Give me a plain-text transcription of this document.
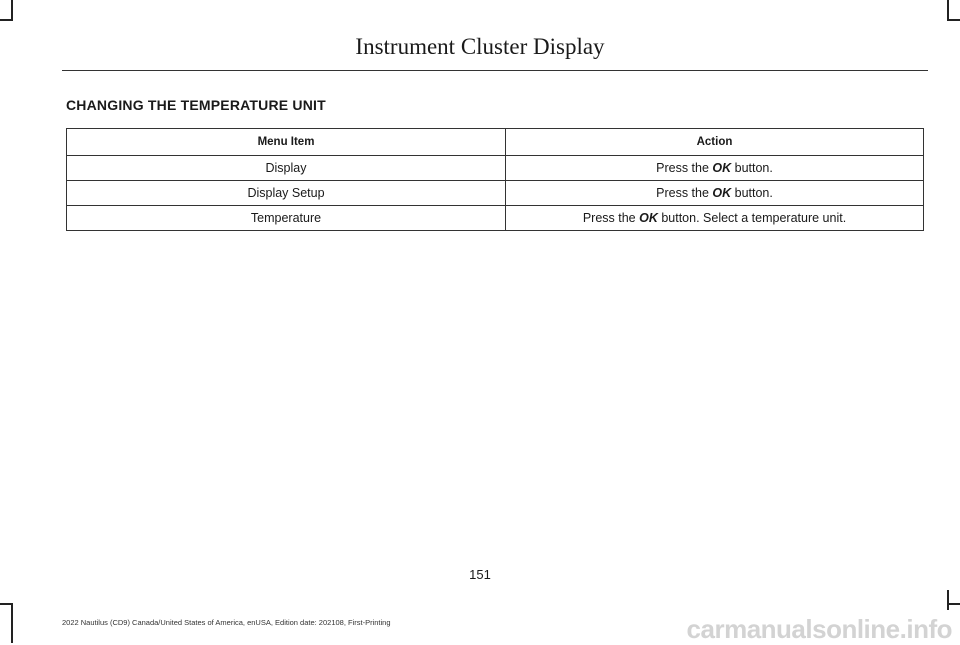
Instrument Cluster Display
CHANGING THE TEMPERATURE UNIT
Menu Item	Action
Display	Press the OK button.
Display Setup	Press the OK button.
Temperature	Press the OK button. Select a temperature unit.
151
2022 Nautilus (CD9) Canada/United States of America, enUSA, Edition date: 202108, First-Printing	carmanualsonline.info
